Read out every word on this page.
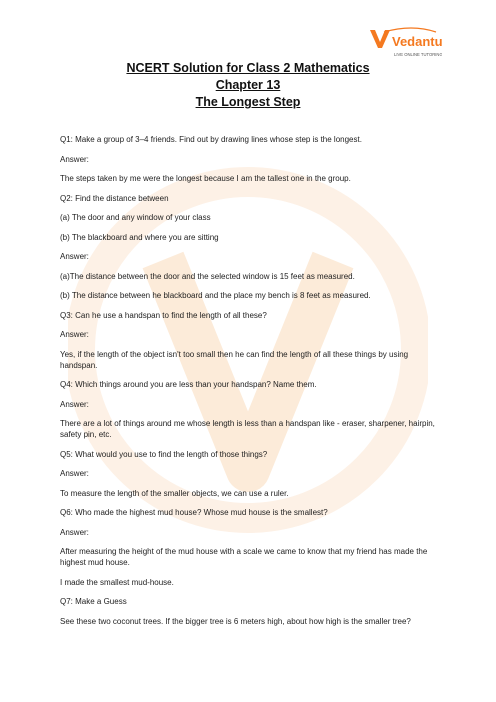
Vedantu
LIVE ONLINE TUTORING
NCERT Solution for Class 2 Mathematics
Chapter 13
The Longest Step

Q1: Make a group of 3–4 friends. Find out by drawing lines whose step is the longest.

Answer:

The steps taken by me were the longest because I am the tallest one in the group.

Q2: Find the distance between

(a) The door and any window of your class

(b) The blackboard and where you are sitting

Answer:

(a)The distance between the door and the selected window is 15 feet as measured.

(b) The distance between he blackboard and the place my bench is 8 feet as measured.

Q3: Can he use a handspan to find the length of all these?

Answer:

Yes, if the length of the object isn't too small then he can find the length of all these things by using handspan.

Q4: Which things around you are less than your handspan? Name them.

Answer:

There are a lot of things around me whose length is less than a handspan like - eraser, sharpener, hairpin, safety pin, etc.

Q5: What would you use to find the length of those things?

Answer:

To measure the length of the smaller objects, we can use a ruler.

Q6: Who made the highest mud house? Whose mud house is the smallest?

Answer:

After measuring the height of the mud house with a scale we came to know that my friend has made the highest mud house.

I made the smallest mud-house.

Q7: Make a Guess

See these two coconut trees. If the bigger tree is 6 meters high, about how high is the smaller tree?
